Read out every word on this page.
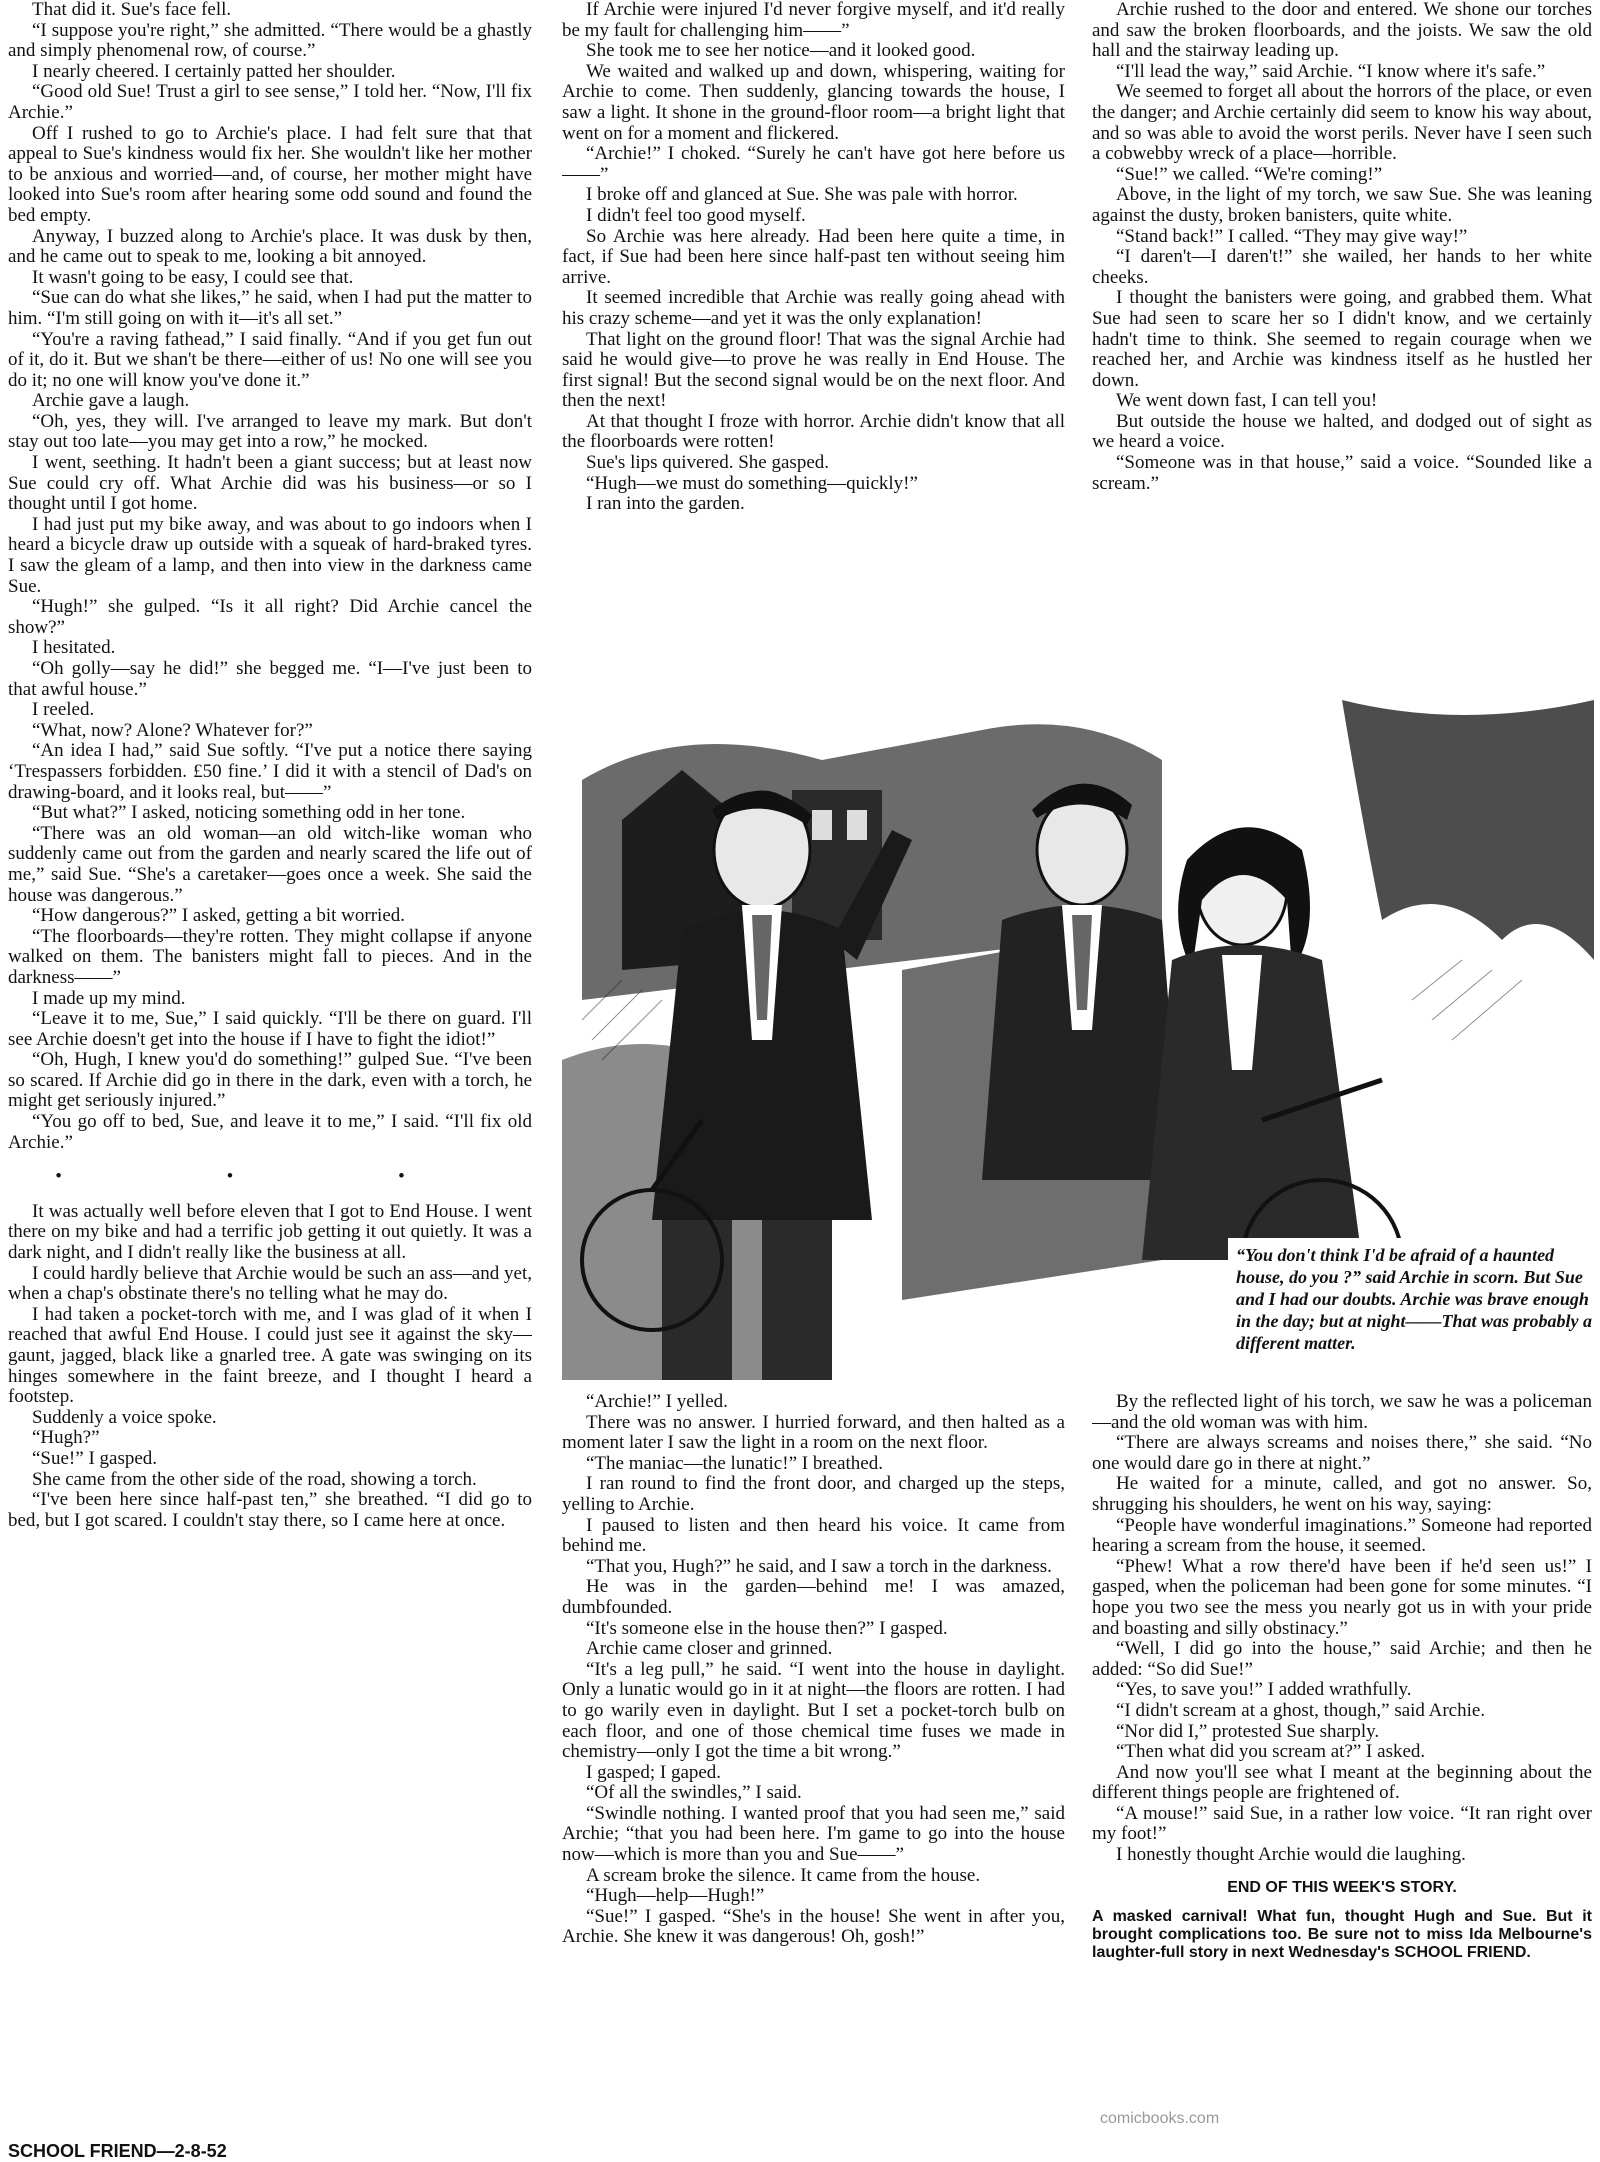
That did it. Sue's face fell.

“I suppose you're right,” she admitted. “There would be a ghastly and simply phenomenal row, of course.”

I nearly cheered. I certainly patted her shoulder.

“Good old Sue! Trust a girl to see sense,” I told her. “Now, I'll fix Archie.”

Off I rushed to go to Archie's place. I had felt sure that that appeal to Sue's kindness would fix her. She wouldn't like her mother to be anxious and worried—and, of course, her mother might have looked into Sue's room after hearing some odd sound and found the bed empty.

Anyway, I buzzed along to Archie's place. It was dusk by then, and he came out to speak to me, looking a bit annoyed.

It wasn't going to be easy, I could see that.

“Sue can do what she likes,” he said, when I had put the matter to him. “I'm still going on with it—it's all set.”

“You're a raving fathead,” I said finally. “And if you get fun out of it, do it. But we shan't be there—either of us! No one will see you do it; no one will know you've done it.”

Archie gave a laugh.

“Oh, yes, they will. I've arranged to leave my mark. But don't stay out too late—you may get into a row,” he mocked.

I went, seething. It hadn't been a giant success; but at least now Sue could cry off. What Archie did was his business—or so I thought until I got home.

I had just put my bike away, and was about to go indoors when I heard a bicycle draw up outside with a squeak of hard-braked tyres. I saw the gleam of a lamp, and then into view in the darkness came Sue.

“Hugh!” she gulped. “Is it all right? Did Archie cancel the show?”

I hesitated.

“Oh golly—say he did!” she begged me. “I—I've just been to that awful house.”

I reeled.

“What, now? Alone? Whatever for?”

“An idea I had,” said Sue softly. “I've put a notice there saying ‘Trespassers forbidden. £50 fine.’ I did it with a stencil of Dad's on drawing-board, and it looks real, but——”

“But what?” I asked, noticing something odd in her tone.

“There was an old woman—an old witch-like woman who suddenly came out from the garden and nearly scared the life out of me,” said Sue. “She's a caretaker—goes once a week. She said the house was dangerous.”

“How dangerous?” I asked, getting a bit worried.

“The floorboards—they're rotten. They might collapse if anyone walked on them. The banisters might fall to pieces. And in the darkness——”

I made up my mind.

“Leave it to me, Sue,” I said quickly. “I'll be there on guard. I'll see Archie doesn't get into the house if I have to fight the idiot!”

“Oh, Hugh, I knew you'd do something!” gulped Sue. “I've been so scared. If Archie did go in there in the dark, even with a torch, he might get seriously injured.”

“You go off to bed, Sue, and leave it to me,” I said. “I'll fix old Archie.”

• • •

It was actually well before eleven that I got to End House. I went there on my bike and had a terrific job getting it out quietly. It was a dark night, and I didn't really like the business at all.

I could hardly believe that Archie would be such an ass—and yet, when a chap's obstinate there's no telling what he may do.

I had taken a pocket-torch with me, and I was glad of it when I reached that awful End House. I could just see it against the sky—gaunt, jagged, black like a gnarled tree. A gate was swinging on its hinges somewhere in the faint breeze, and I thought I heard a footstep.

Suddenly a voice spoke.

“Hugh?”

“Sue!” I gasped.

She came from the other side of the road, showing a torch.

“I've been here since half-past ten,” she breathed. “I did go to bed, but I got scared. I couldn't stay there, so I came here at once.

If Archie were injured I'd never forgive myself, and it'd really be my fault for challenging him——”

She took me to see her notice—and it looked good.

We waited and walked up and down, whispering, waiting for Archie to come. Then suddenly, glancing towards the house, I saw a light. It shone in the ground-floor room—a bright light that went on for a moment and flickered.

“Archie!” I choked. “Surely he can't have got here before us——”

I broke off and glanced at Sue. She was pale with horror.

I didn't feel too good myself.

So Archie was here already. Had been here quite a time, in fact, if Sue had been here since half-past ten without seeing him arrive.

It seemed incredible that Archie was really going ahead with his crazy scheme—and yet it was the only explanation!

That light on the ground floor! That was the signal Archie had said he would give—to prove he was really in End House. The first signal! But the second signal would be on the next floor. And then the next!

At that thought I froze with horror. Archie didn't know that all the floorboards were rotten!

Sue's lips quivered. She gasped.

“Hugh—we must do something—quickly!”

I ran into the garden.

Archie rushed to the door and entered. We shone our torches and saw the broken floorboards, and the joists. We saw the old hall and the stairway leading up.

“I'll lead the way,” said Archie. “I know where it's safe.”

We seemed to forget all about the horrors of the place, or even the danger; and Archie certainly did seem to know his way about, and so was able to avoid the worst perils. Never have I seen such a cobwebby wreck of a place—horrible.

“Sue!” we called. “We're coming!”

Above, in the light of my torch, we saw Sue. She was leaning against the dusty, broken banisters, quite white.

“Stand back!” I called. “They may give way!”

“I daren't—I daren't!” she wailed, her hands to her white cheeks.

I thought the banisters were going, and grabbed them. What Sue had seen to scare her so I didn't know, and we certainly hadn't time to think. She seemed to regain courage when we reached her, and Archie was kindness itself as he hustled her down.

We went down fast, I can tell you!

But outside the house we halted, and dodged out of sight as we heard a voice.

“Someone was in that house,” said a voice. “Sounded like a scream.”

“You don't think I'd be afraid of a haunted house, do you ?” said Archie in scorn. But Sue and I had our doubts. Archie was brave enough in the day; but at night——That was probably a different matter.

“Archie!” I yelled.

There was no answer. I hurried forward, and then halted as a moment later I saw the light in a room on the next floor.

“The maniac—the lunatic!” I breathed.

I ran round to find the front door, and charged up the steps, yelling to Archie.

I paused to listen and then heard his voice. It came from behind me.

“That you, Hugh?” he said, and I saw a torch in the darkness.

He was in the garden—behind me! I was amazed, dumbfounded.

“It's someone else in the house then?” I gasped.

Archie came closer and grinned.

“It's a leg pull,” he said. “I went into the house in daylight. Only a lunatic would go in it at night—the floors are rotten. I had to go warily even in daylight. But I set a pocket-torch bulb on each floor, and one of those chemical time fuses we made in chemistry—only I got the time a bit wrong.”

I gasped; I gaped.

“Of all the swindles,” I said.

“Swindle nothing. I wanted proof that you had seen me,” said Archie; “that you had been here. I'm game to go into the house now—which is more than you and Sue——”

A scream broke the silence. It came from the house.

“Hugh—help—Hugh!”

“Sue!” I gasped. “She's in the house! She went in after you, Archie. She knew it was dangerous! Oh, gosh!”

By the reflected light of his torch, we saw he was a policeman—and the old woman was with him.

“There are always screams and noises there,” she said. “No one would dare go in there at night.”

He waited for a minute, called, and got no answer. So, shrugging his shoulders, he went on his way, saying:

“People have wonderful imaginations.” Someone had reported hearing a scream from the house, it seemed.

“Phew! What a row there'd have been if he'd seen us!” I gasped, when the policeman had been gone for some minutes. “I hope you two see the mess you nearly got us in with your pride and boasting and silly obstinacy.”

“Well, I did go into the house,” said Archie; and then he added: “So did Sue!”

“Yes, to save you!” I added wrathfully.

“I didn't scream at a ghost, though,” said Archie.

“Nor did I,” protested Sue sharply.

“Then what did you scream at?” I asked.

And now you'll see what I meant at the beginning about the different things people are frightened of.

“A mouse!” said Sue, in a rather low voice. “It ran right over my foot!”

I honestly thought Archie would die laughing.

END OF THIS WEEK'S STORY.

A masked carnival! What fun, thought Hugh and Sue. But it brought complications too. Be sure not to miss Ida Melbourne's laughter-full story in next Wednesday's SCHOOL FRIEND.

SCHOOL FRIEND—2-8-52
comicbooks.com
